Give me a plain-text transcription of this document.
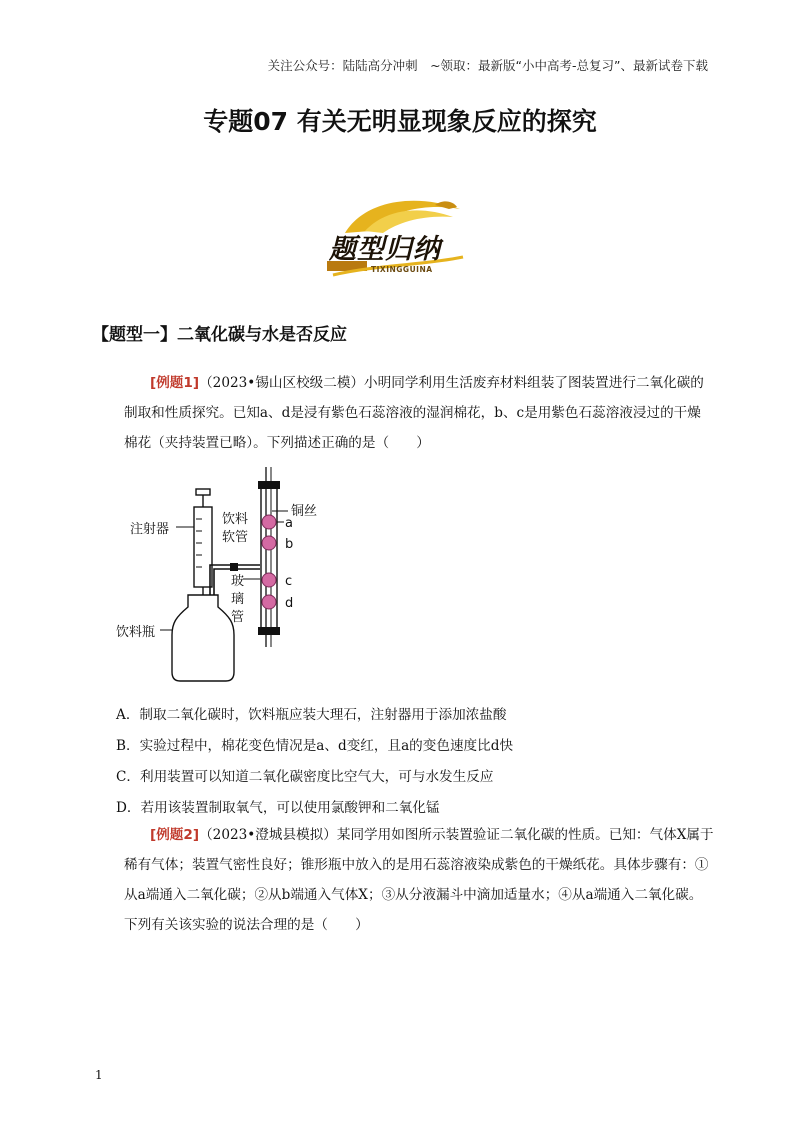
关注公众号：陆陆高分冲刺　~领取：最新版“小中高考-总复习”、最新试卷下载
专题07 有关无明显现象反应的探究
题型归纳
TIXINGGUINA
【题型一】二氧化碳与水是否反应
[例题1]（2023•锡山区校级二模）小明同学利用生活废弃材料组装了图装置进行二氧化碳的制取和性质探究。已知a、d是浸有紫色石蕊溶液的湿润棉花，b、c是用紫色石蕊溶液浸过的干燥棉花（夹持装置已略）。下列描述正确的是（　　）
注射器
饮料
软管
铜丝
玻
璃
管
饮料瓶
a
b
c
d
A．制取二氧化碳时，饮料瓶应装大理石，注射器用于添加浓盐酸
B．实验过程中，棉花变色情况是a、d变红，且a的变色速度比d快
C．利用装置可以知道二氧化碳密度比空气大，可与水发生反应
D．若用该装置制取氧气，可以使用氯酸钾和二氧化锰
[例题2]（2023•澄城县模拟）某同学用如图所示装置验证二氧化碳的性质。已知：气体X属于稀有气体；装置气密性良好；锥形瓶中放入的是用石蕊溶液染成紫色的干燥纸花。具体步骤有：①从a端通入二氧化碳；②从b端通入气体X；③从分液漏斗中滴加适量水；④从a端通入二氧化碳。下列有关该实验的说法合理的是（　　）
1
